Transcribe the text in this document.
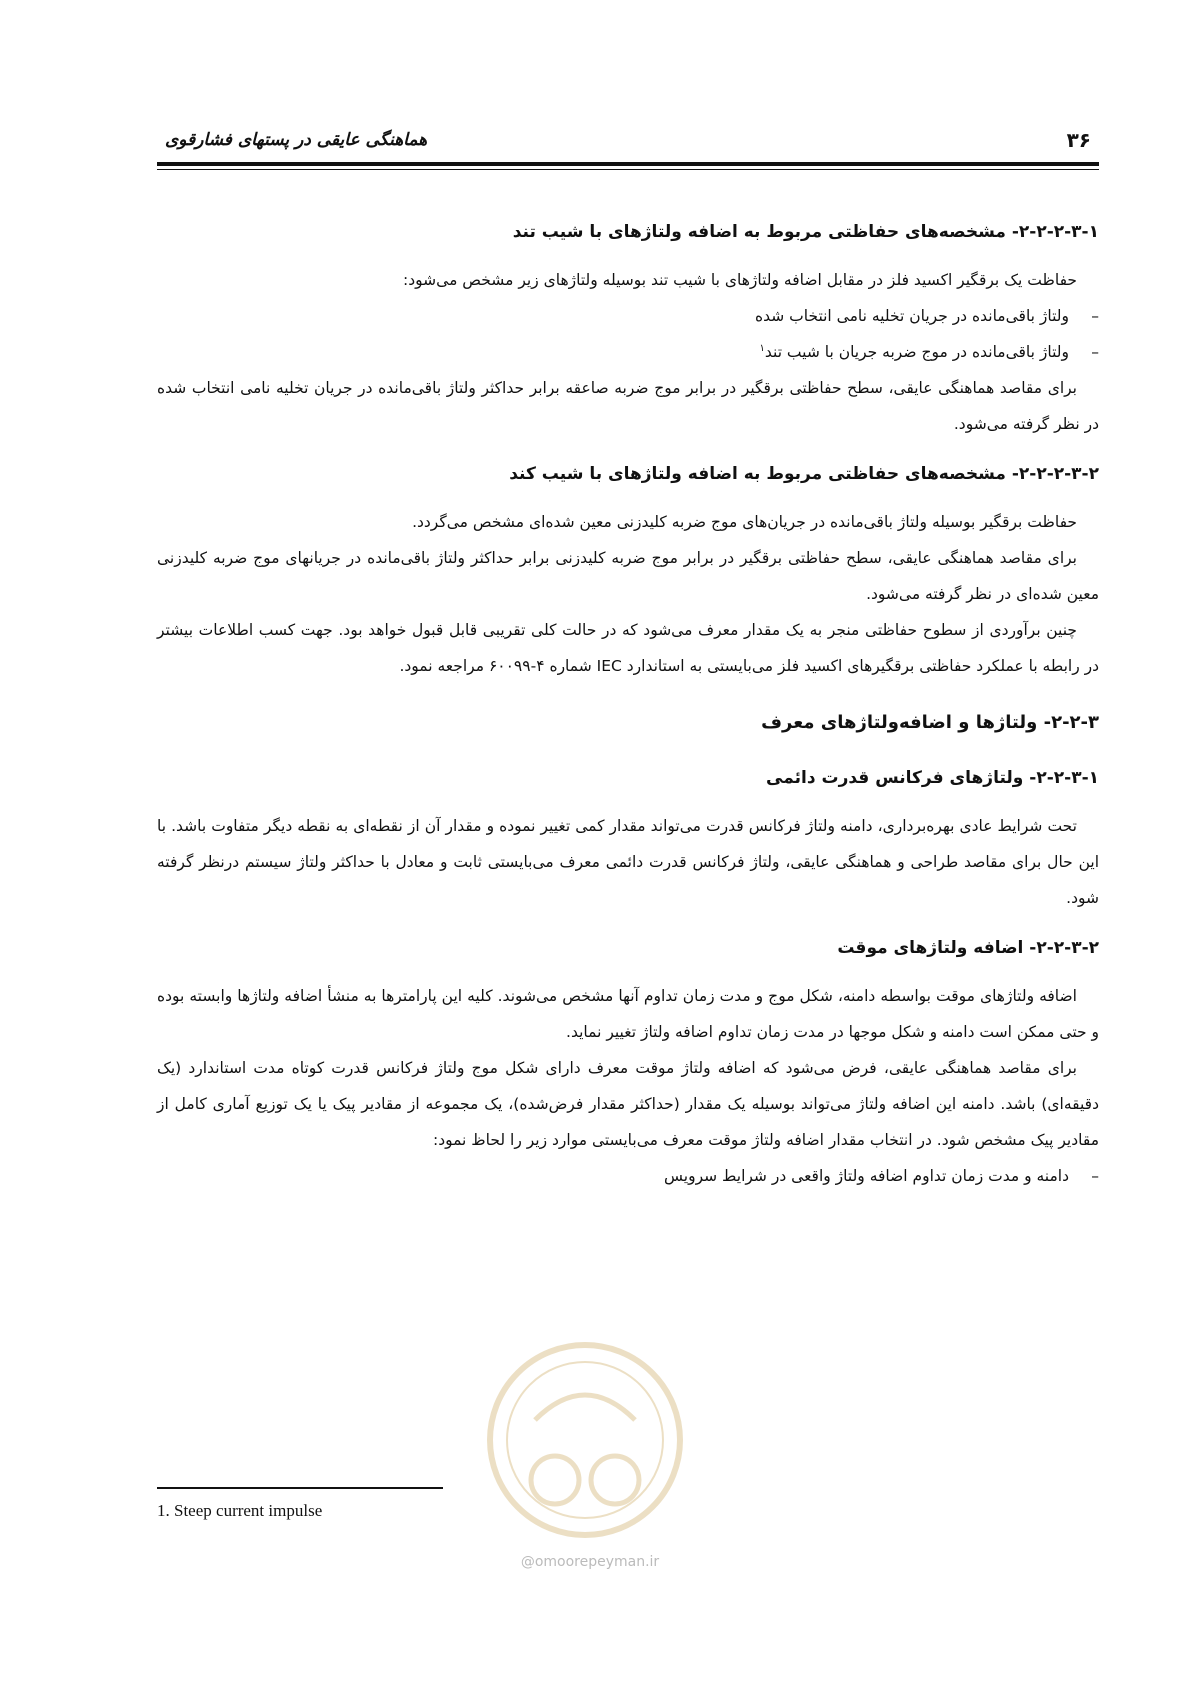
۳۶
هماهنگی عایقی در پستهای فشارقوی
۲-۲-۲-۳-۱- مشخصه‌های حفاظتی مربوط به اضافه ولتاژهای با شیب تند

حفاظت یک برقگیر اکسید فلز در مقابل اضافه ولتاژهای با شیب تند بوسیله ولتاژهای زیر مشخص می‌شود:

–
ولتاژ باقی‌مانده در جریان تخلیه نامی انتخاب شده
–
ولتاژ باقی‌مانده در موج ضربه جریان با شیب تند$^۱$

برای مقاصد هماهنگی عایقی، سطح حفاظتی برقگیر در برابر موج ضربه صاعقه برابر حداکثر ولتاژ باقی‌مانده در جریان تخلیه نامی انتخاب شده در نظر گرفته می‌شود.

۲-۲-۲-۳-۲- مشخصه‌های حفاظتی مربوط به اضافه ولتاژهای با شیب کند

حفاظت برقگیر بوسیله ولتاژ باقی‌مانده در جریان‌های موج ضربه کلیدزنی معین شده‌ای مشخص می‌گردد.

برای مقاصد هماهنگی عایقی، سطح حفاظتی برقگیر در برابر موج ضربه کلیدزنی برابر حداکثر ولتاژ باقی‌مانده در جریانهای موج ضربه کلیدزنی معین شده‌ای در نظر گرفته می‌شود.

چنین برآوردی از سطوح حفاظتی منجر به یک مقدار معرف می‌شود که در حالت کلی تقریبی قابل قبول خواهد بود. جهت کسب اطلاعات بیشتر در رابطه با عملکرد حفاظتی برقگیرهای اکسید فلز می‌بایستی به استاندارد IEC شماره ۴-۶۰۰۹۹ مراجعه نمود.

۲-۲-۳- ولتاژها و اضافه‌ولتاژهای معرف
۲-۲-۳-۱- ولتاژهای فرکانس قدرت دائمی

تحت شرایط عادی بهره‌برداری، دامنه ولتاژ فرکانس قدرت می‌تواند مقدار کمی تغییر نموده و مقدار آن از نقطه‌ای به نقطه دیگر متفاوت باشد. با این حال برای مقاصد طراحی و هماهنگی عایقی، ولتاژ فرکانس قدرت دائمی معرف می‌بایستی ثابت و معادل با حداکثر ولتاژ سیستم درنظر گرفته شود.

۲-۲-۳-۲- اضافه ولتاژهای موقت

اضافه ولتاژهای موقت بواسطه دامنه، شکل موج و مدت زمان تداوم آنها مشخص می‌شوند. کلیه این پارامترها به منشأ اضافه ولتاژها وابسته بوده و حتی ممکن است دامنه و شکل موجها در مدت زمان تداوم اضافه ولتاژ تغییر نماید.

برای مقاصد هماهنگی عایقی، فرض می‌شود که اضافه ولتاژ موقت معرف دارای شکل موج ولتاژ فرکانس قدرت کوتاه مدت استاندارد (یک دقیقه‌ای) باشد. دامنه این اضافه ولتاژ می‌تواند بوسیله یک مقدار (حداکثر مقدار فرض‌شده)، یک مجموعه از مقادیر پیک یا یک توزیع آماری کامل از مقادیر پیک مشخص شود. در انتخاب مقدار اضافه ولتاژ موقت معرف می‌بایستی موارد زیر را لحاظ نمود:

–
دامنه و مدت زمان تداوم اضافه ولتاژ واقعی در شرایط سرویس
@omoorepeyman.ir
1. Steep current impulse
